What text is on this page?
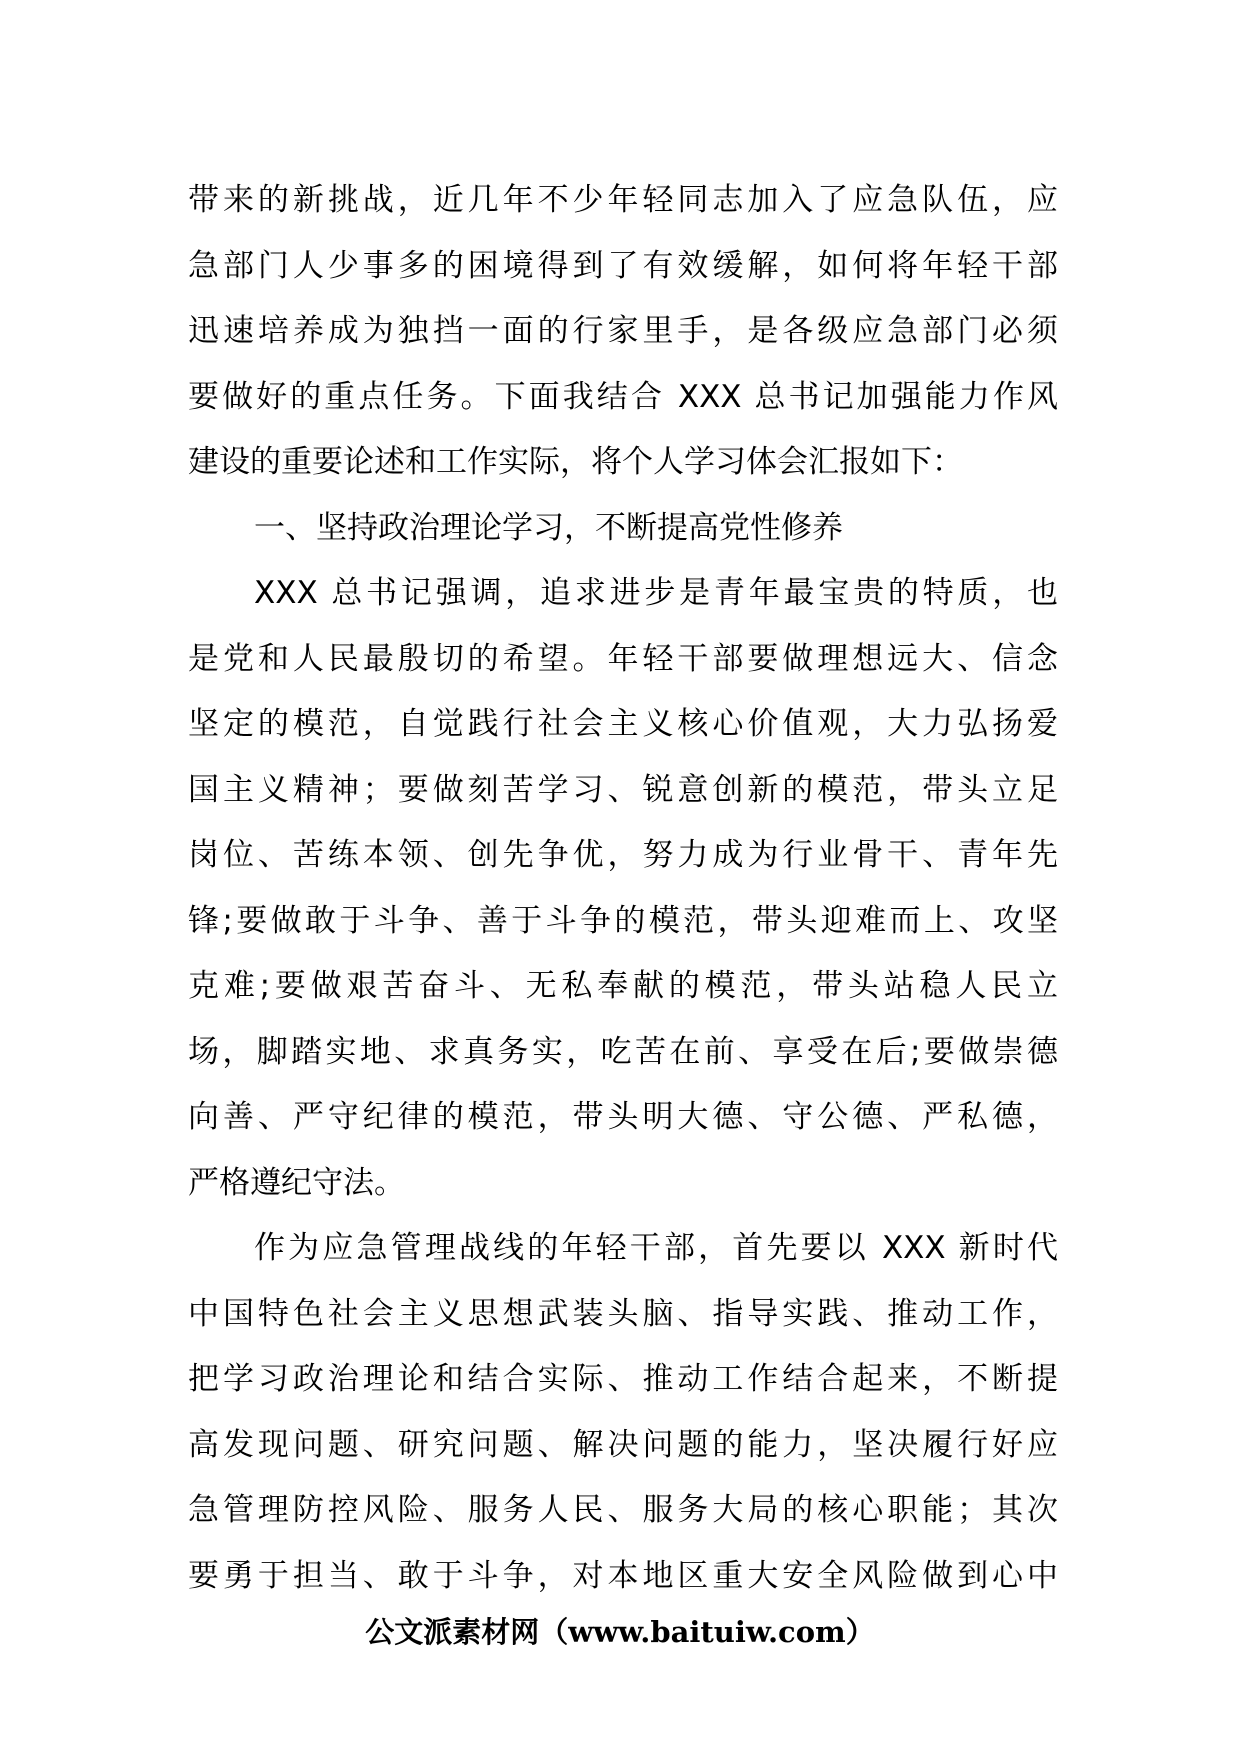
带来的新挑战，近几年不少年轻同志加入了应急队伍，应
急部门人少事多的困境得到了有效缓解，如何将年轻干部
迅速培养成为独挡一面的行家里手，是各级应急部门必须
要做好的重点任务。下面我结合 XXX 总书记加强能力作风
建设的重要论述和工作实际，将个人学习体会汇报如下：
一、坚持政治理论学习，不断提高党性修养
XXX 总书记强调，追求进步是青年最宝贵的特质，也
是党和人民最殷切的希望。年轻干部要做理想远大、信念
坚定的模范，自觉践行社会主义核心价值观，大力弘扬爱
国主义精神；要做刻苦学习、锐意创新的模范，带头立足
岗位、苦练本领、创先争优，努力成为行业骨干、青年先
锋;要做敢于斗争、善于斗争的模范，带头迎难而上、攻坚
克难;要做艰苦奋斗、无私奉献的模范，带头站稳人民立
场，脚踏实地、求真务实，吃苦在前、享受在后;要做崇德
向善、严守纪律的模范，带头明大德、守公德、严私德，
严格遵纪守法。
作为应急管理战线的年轻干部，首先要以 XXX 新时代
中国特色社会主义思想武装头脑、指导实践、推动工作，
把学习政治理论和结合实际、推动工作结合起来，不断提
高发现问题、研究问题、解决问题的能力，坚决履行好应
急管理防控风险、服务人民、服务大局的核心职能；其次
要勇于担当、敢于斗争，对本地区重大安全风险做到心中
公文派素材网（www.baituiw.com）
